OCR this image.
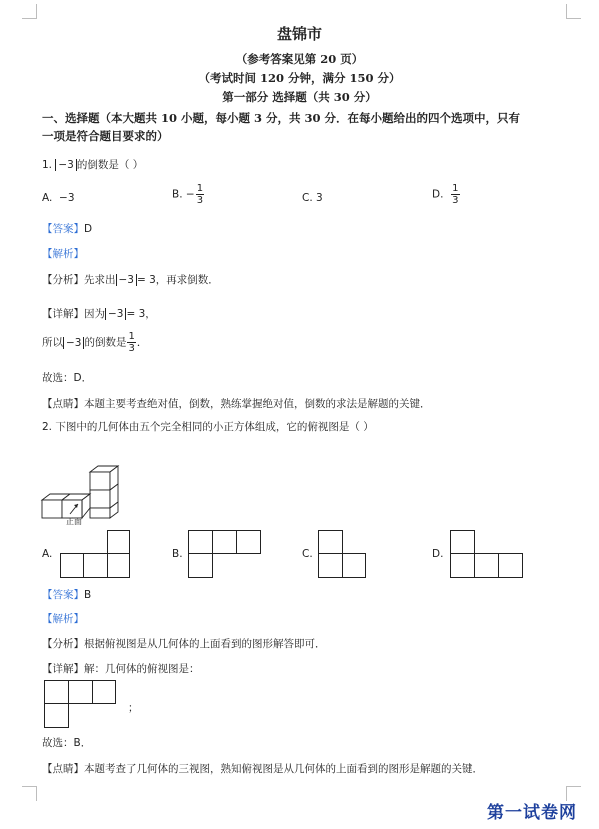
盘锦市
（参考答案见第 20 页）
（考试时间 120 分钟，满分 150 分）
第一部分 选择题（共 30 分）
一、选择题（本大题共 10 小题，每小题 3 分，共 30 分．在每小题给出的四个选项中，只有
一项是符合题目要求的）
1. −3 的倒数是（ ）
A. −3	B. − $\frac{1}{3}$	C. 3	D. $\frac{1}{3}$
【答案】D
【解析】
【分析】先求出 −3 = 3，再求倒数．
【详解】因为 −3 = 3，
所以 −3 的倒数是 $\frac{1}{3}$ ．
故选：D．
【点睛】本题主要考查绝对值，倒数，熟练掌握绝对值，倒数的求法是解题的关键．
2. 下图中的几何体由五个完全相同的小正方体组成，它的俯视图是（ ）
正面
A.	B.	C.	D.
【答案】B
【解析】
【分析】根据俯视图是从几何体的上面看到的图形解答即可．
【详解】解：几何体的俯视图是：
；
故选：B．
【点睛】本题考查了几何体的三视图，熟知俯视图是从几何体的上面看到的图形是解题的关键．
第一试卷网
